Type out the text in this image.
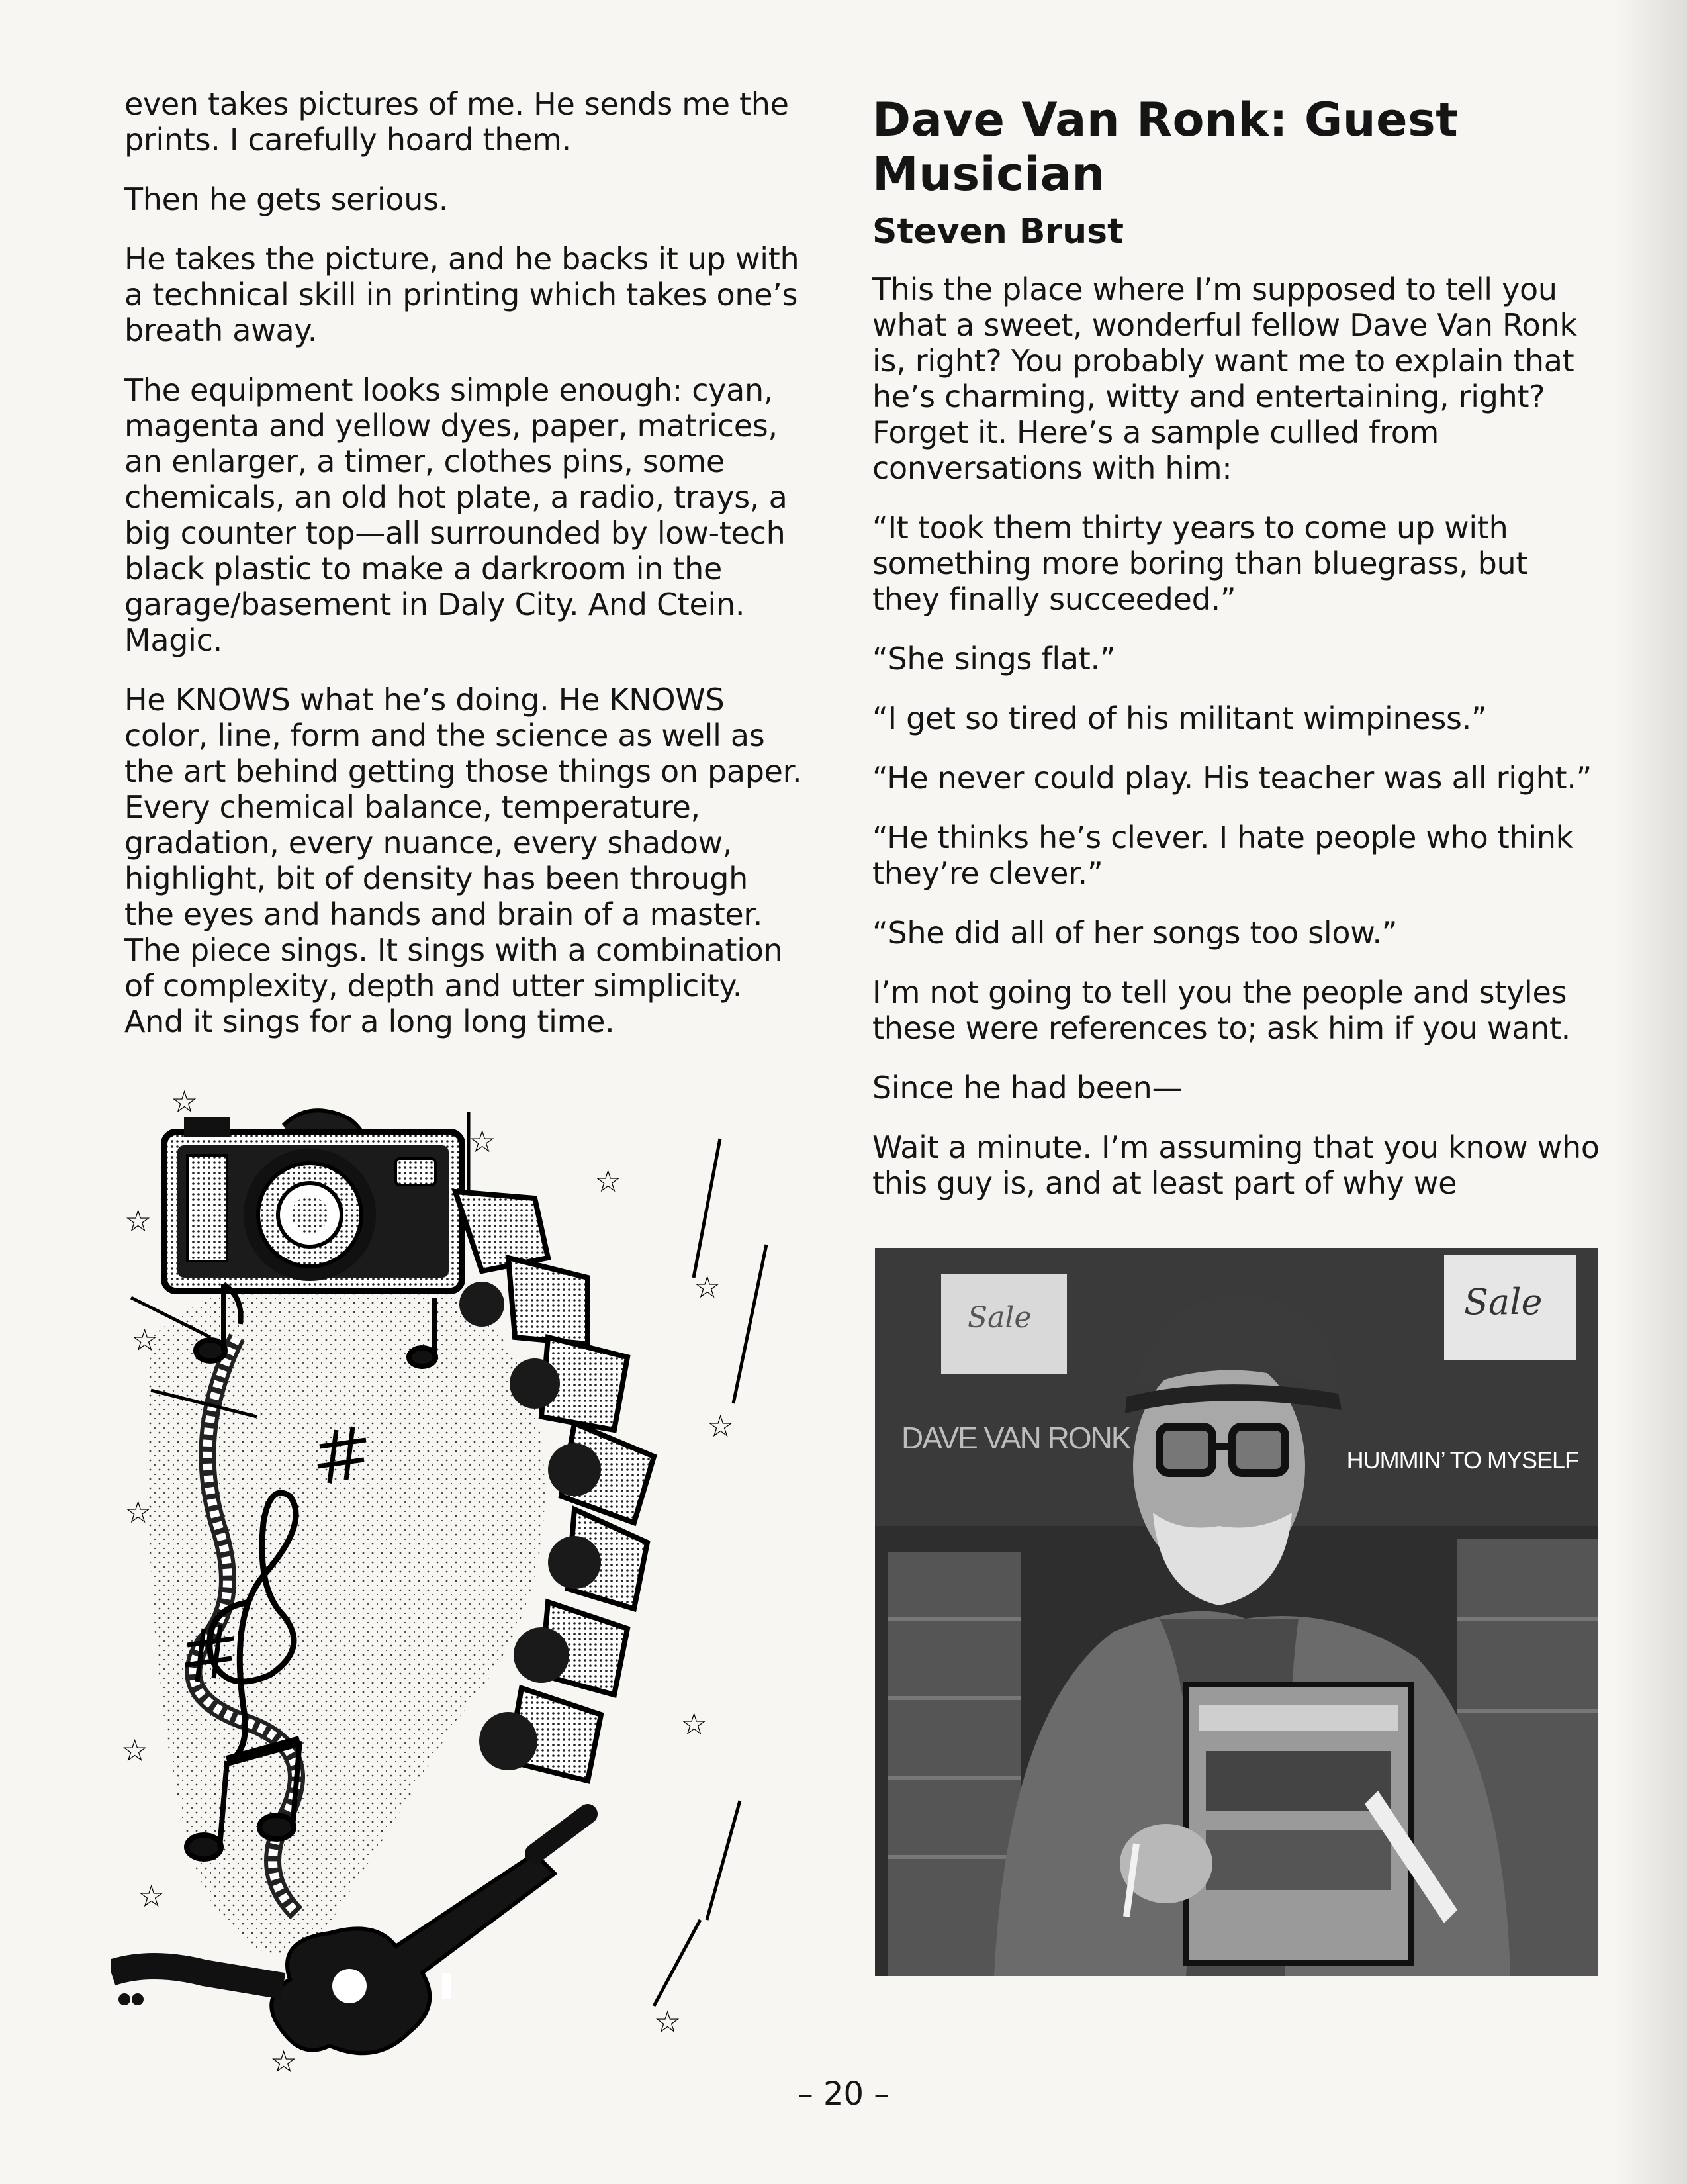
even takes pictures of me. He sends me the prints. I carefully hoard them.

Then he gets serious.

He takes the picture, and he backs it up with a technical skill in printing which takes one’s breath away.

The equipment looks simple enough: cyan, magenta and yellow dyes, paper, matrices, an enlarger, a timer, clothes pins, some chemicals, an old hot plate, a radio, trays, a big counter top—all surrounded by low-tech black plastic to make a darkroom in the garage/basement in Daly City. And Ctein. Magic.

He KNOWS what he’s doing. He KNOWS color, line, form and the science as well as the art behind getting those things on paper. Every chemical balance, temperature, gradation, every nuance, every shadow, highlight, bit of density has been through the eyes and hands and brain of a master. The piece sings. It sings with a combination of complexity, depth and utter simplicity. And it sings for a long long time.

☆
☆
☆
☆
☆
☆
☆
☆
☆
☆
☆
☆
☆
Dave Van Ronk: Guest Musician
Steven Brust

This the place where I’m supposed to tell you what a sweet, wonderful fellow Dave Van Ronk is, right? You probably want me to explain that he’s charming, witty and entertaining, right? Forget it. Here’s a sample culled from conversations with him:

“It took them thirty years to come up with something more boring than bluegrass, but they finally succeeded.”

“She sings flat.”

“I get so tired of his militant wimpiness.”

“He never could play. His teacher was all right.”

“He thinks he’s clever. I hate people who think they’re clever.”

“She did all of her songs too slow.”

I’m not going to tell you the people and styles these were references to; ask him if you want.

Since he had been—

Wait a minute. I’m assuming that you know who this guy is, and at least part of why we

Sale
Sale
DAVE VAN RONK
HUMMIN’ TO MYSELF
– 20 –
